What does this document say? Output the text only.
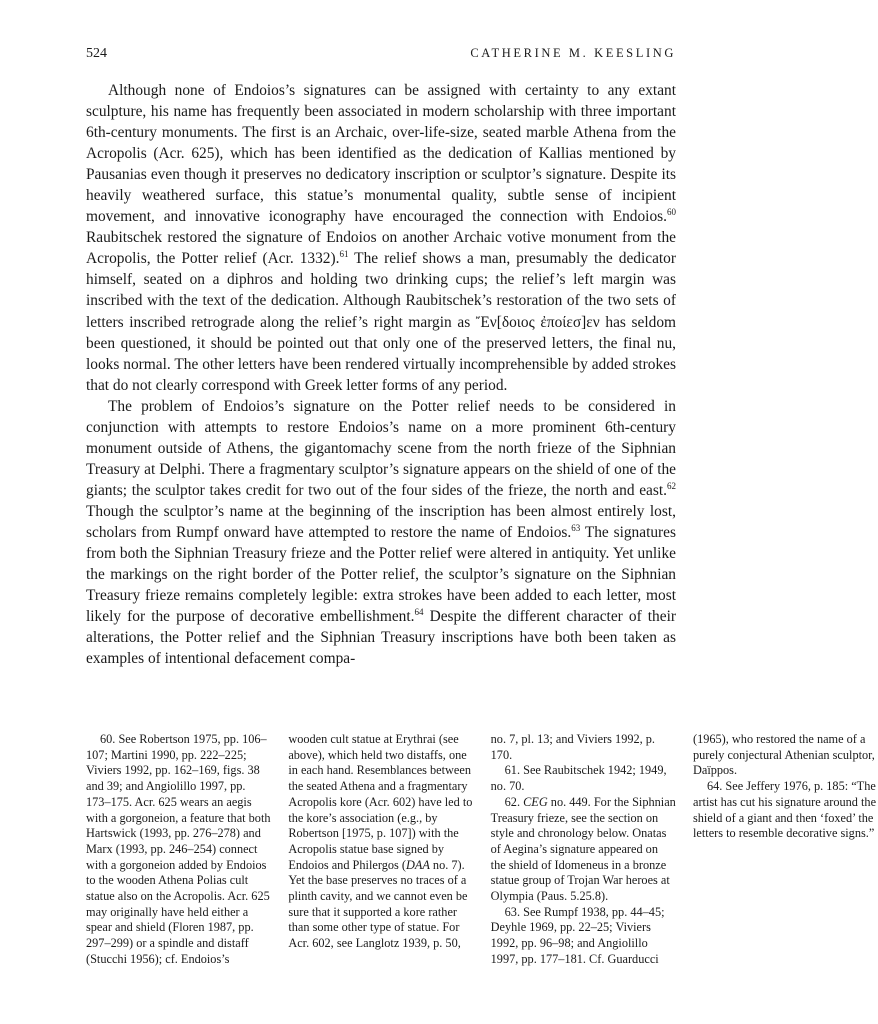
524	CATHERINE M. KEESLING

Although none of Endoios’s signatures can be assigned with certainty to any extant sculpture, his name has frequently been associated in modern scholarship with three important 6th-century monuments. The first is an Archaic, over-life-size, seated marble Athena from the Acropolis (Acr. 625), which has been identified as the dedication of Kallias mentioned by Pausanias even though it preserves no dedicatory inscription or sculptor’s signature. Despite its heavily weathered surface, this statue’s monumental quality, subtle sense of incipient movement, and innovative iconography have encouraged the connection with Endoios.$^{60}$ Raubitschek restored the signature of Endoios on another Archaic votive monument from the Acropolis, the Potter relief (Acr. 1332).$^{61}$ The relief shows a man, presumably the dedicator himself, seated on a diphros and holding two drinking cups; the relief’s left margin was inscribed with the text of the dedication. Although Raubitschek’s restoration of the two sets of letters inscribed retrograde along the relief’s right margin as Ἔν[δοιος ἐποίεσ]εν has seldom been questioned, it should be pointed out that only one of the preserved letters, the final nu, looks normal. The other letters have been rendered virtually incomprehensible by added strokes that do not clearly correspond with Greek letter forms of any period.

The problem of Endoios’s signature on the Potter relief needs to be considered in conjunction with attempts to restore Endoios’s name on a more prominent 6th-century monument outside of Athens, the gigantomachy scene from the north frieze of the Siphnian Treasury at Delphi. There a fragmentary sculptor’s signature appears on the shield of one of the giants; the sculptor takes credit for two out of the four sides of the frieze, the north and east.$^{62}$ Though the sculptor’s name at the beginning of the inscription has been almost entirely lost, scholars from Rumpf onward have attempted to restore the name of Endoios.$^{63}$ The signatures from both the Siphnian Treasury frieze and the Potter relief were altered in antiquity. Yet unlike the markings on the right border of the Potter relief, the sculptor’s signature on the Siphnian Treasury frieze remains completely legible: extra strokes have been added to each letter, most likely for the purpose of decorative embellishment.$^{64}$ Despite the different character of their alterations, the Potter relief and the Siphnian Treasury inscriptions have both been taken as examples of intentional defacement compa-

60. See Robertson 1975, pp. 106–107; Martini 1990, pp. 222–225; Viviers 1992, pp. 162–169, figs. 38 and 39; and Angiolillo 1997, pp. 173–175. Acr. 625 wears an aegis with a gorgoneion, a feature that both Hartswick (1993, pp. 276–278) and Marx (1993, pp. 246–254) connect with a gorgoneion added by Endoios to the wooden Athena Polias cult statue also on the Acropolis. Acr. 625 may originally have held either a spear and shield (Floren 1987, pp. 297–299) or a spindle and distaff (Stucchi 1956); cf. Endoios’s wooden cult statue at Erythrai (see above), which held two distaffs, one in each hand. Resemblances between the seated Athena and a fragmentary Acropolis kore (Acr. 602) have led to the kore’s association (e.g., by Robertson [1975, p. 107]) with the Acropolis statue base signed by Endoios and Philergos (DAA no. 7). Yet the base preserves no traces of a plinth cavity, and we cannot even be sure that it supported a kore rather than some other type of statue. For Acr. 602, see Langlotz 1939, p. 50, no. 7, pl. 13; and Viviers 1992, p. 170.

61. See Raubitschek 1942; 1949, no. 70.

62. CEG no. 449. For the Siphnian Treasury frieze, see the section on style and chronology below. Onatas of Aegina’s signature appeared on the shield of Idomeneus in a bronze statue group of Trojan War heroes at Olympia (Paus. 5.25.8).

63. See Rumpf 1938, pp. 44–45; Deyhle 1969, pp. 22–25; Viviers 1992, pp. 96–98; and Angiolillo 1997, pp. 177–181. Cf. Guarducci (1965), who restored the name of a purely conjectural Athenian sculptor, Daïppos.

64. See Jeffery 1976, p. 185: “The artist has cut his signature around the shield of a giant and then ‘foxed’ the letters to resemble decorative signs.”
